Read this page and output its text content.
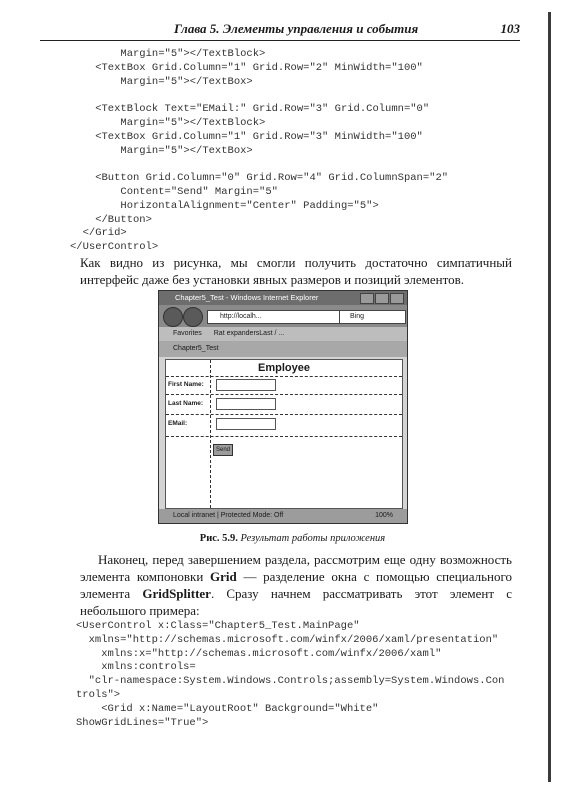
Глава 5. Элементы управления и события	103
Margin="5"></TextBlock>
<TextBox Grid.Column="1" Grid.Row="2" MinWidth="100"
Margin="5"></TextBox>
<TextBlock Text="EMail:" Grid.Row="3" Grid.Column="0"
Margin="5"></TextBlock>
<TextBox Grid.Column="1" Grid.Row="3" MinWidth="100"
Margin="5"></TextBox>
<Button Grid.Column="0" Grid.Row="4" Grid.ColumnSpan="2"
Content="Send" Margin="5"
HorizontalAlignment="Center" Padding="5">
</Button>
</Grid>
</UserControl>
Как видно из рисунка, мы смогли получить достаточно симпатичный интерфейс даже без установки явных размеров и позиций элементов.
Chapter5_Test - Windows Internet Explorer
http://localh...	Bing
Favorites Rat expandersLast / ...
Chapter5_Test
Employee
First Name:
Last Name:
EMail:
Send
Local intranet | Protected Mode: Off	100%
Рис. 5.9. Результат работы приложения
Наконец, перед завершением раздела, рассмотрим еще одну возможность элемента компоновки Grid — разделение окна с помощью специального элемента GridSplitter. Сразу начнем рассматривать этот элемент с небольшого примера:
<UserControl x:Class="Chapter5_Test.MainPage"
xmlns="http://schemas.microsoft.com/winfx/2006/xaml/presentation"
xmlns:x="http://schemas.microsoft.com/winfx/2006/xaml"
xmlns:controls=
"clr-namespace:System.Windows.Controls;assembly=System.Windows.Con
trols">
<Grid x:Name="LayoutRoot" Background="White"
ShowGridLines="True">
